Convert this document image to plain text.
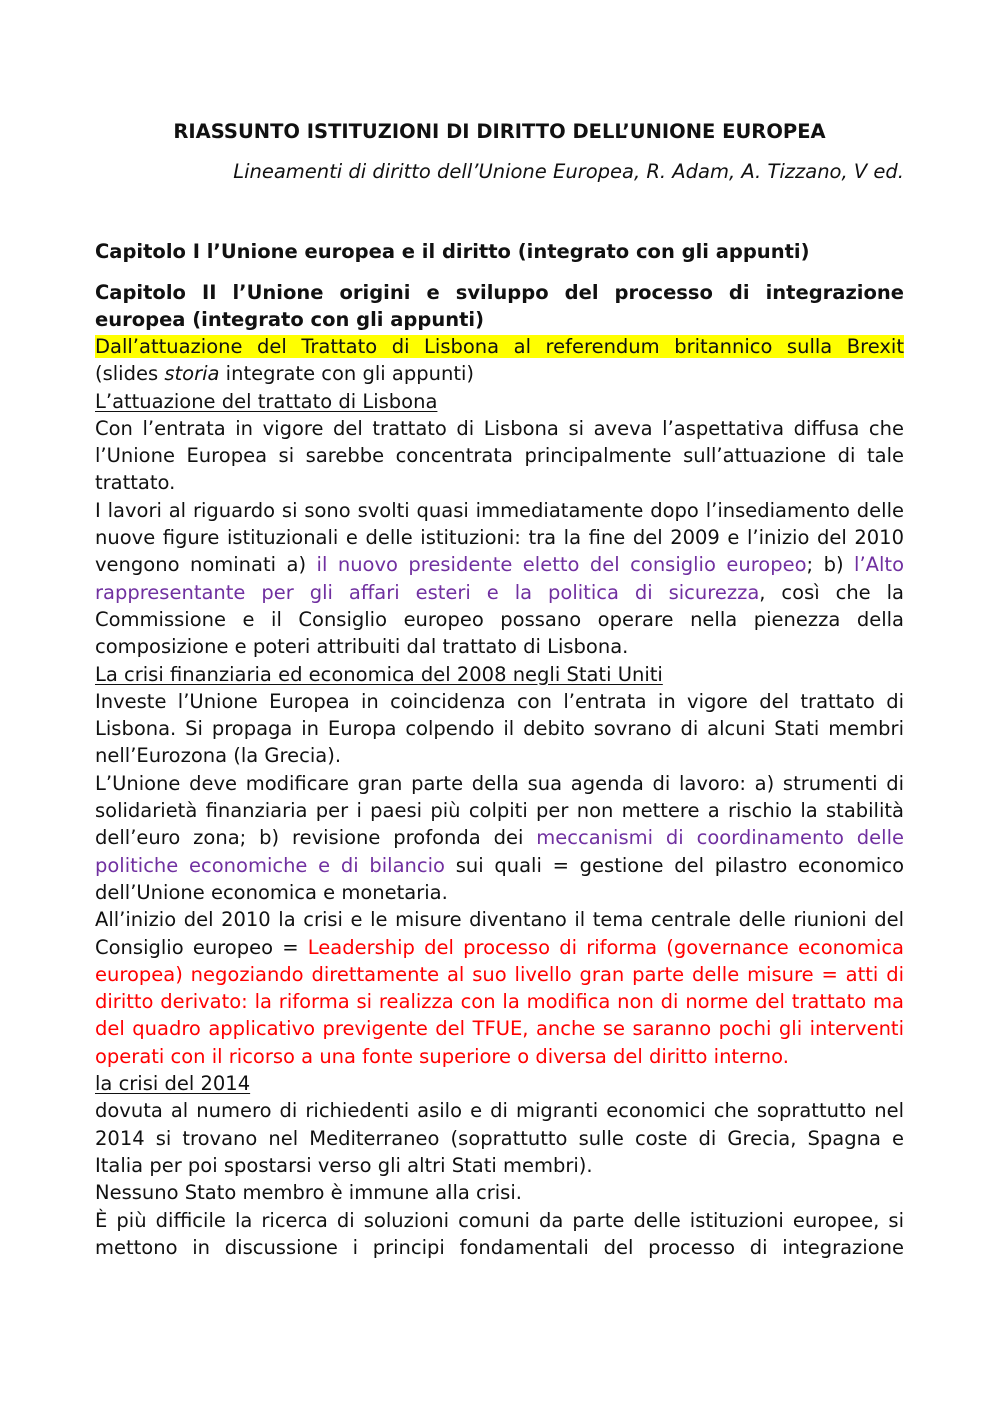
RIASSUNTO ISTITUZIONI DI DIRITTO DELL’UNIONE EUROPEA
Lineamenti di diritto dell’Unione Europea, R. Adam, A. Tizzano, V ed.
Capitolo I l’Unione europea e il diritto (integrato con gli appunti)
Capitolo II l’Unione origini e sviluppo del processo di integrazione europea (integrato con gli appunti)
Dall’attuazione del Trattato di Lisbona al referendum britannico sulla Brexit
(slides storia integrate con gli appunti)
L’attuazione del trattato di Lisbona
Con l’entrata in vigore del trattato di Lisbona si aveva l’aspettativa diffusa che l’Unione Europea si sarebbe concentrata principalmente sull’attuazione di tale trattato.
I lavori al riguardo si sono svolti quasi immediatamente dopo l’insediamento delle nuove figure istituzionali e delle istituzioni: tra la fine del 2009 e l’inizio del 2010 vengono nominati a) il nuovo presidente eletto del consiglio europeo; b) l’Alto rappresentante per gli affari esteri e la politica di sicurezza, così che la Commissione e il Consiglio europeo possano operare nella pienezza della composizione e poteri attribuiti dal trattato di Lisbona.
La crisi finanziaria ed economica del 2008 negli Stati Uniti
Investe l’Unione Europea in coincidenza con l’entrata in vigore del trattato di Lisbona. Si propaga in Europa colpendo il debito sovrano di alcuni Stati membri nell’Eurozona (la Grecia).
L’Unione deve modificare gran parte della sua agenda di lavoro: a) strumenti di solidarietà finanziaria per i paesi più colpiti per non mettere a rischio la stabilità dell’euro zona; b) revisione profonda dei meccanismi di coordinamento delle politiche economiche e di bilancio sui quali = gestione del pilastro economico dell’Unione economica e monetaria.
All’inizio del 2010 la crisi e le misure diventano il tema centrale delle riunioni del Consiglio europeo = Leadership del processo di riforma (governance economica europea) negoziando direttamente al suo livello gran parte delle misure = atti di diritto derivato: la riforma si realizza con la modifica non di norme del trattato ma del quadro applicativo previgente del TFUE, anche se saranno pochi gli interventi operati con il ricorso a una fonte superiore o diversa del diritto interno.
la crisi del 2014
dovuta al numero di richiedenti asilo e di migranti economici che soprattutto nel 2014 si trovano nel Mediterraneo (soprattutto sulle coste di Grecia, Spagna e Italia per poi spostarsi verso gli altri Stati membri).
Nessuno Stato membro è immune alla crisi.
È più difficile la ricerca di soluzioni comuni da parte delle istituzioni europee, si mettono in discussione i principi fondamentali del processo di integrazione
